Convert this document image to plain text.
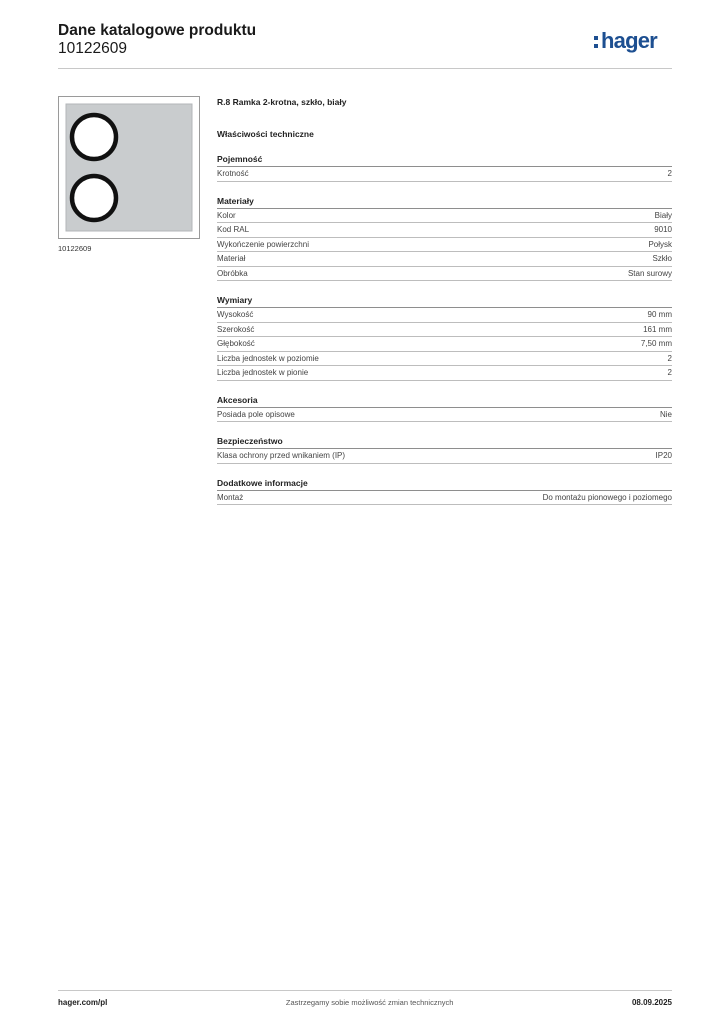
Dane katalogowe produktu
10122609	hager
10122609
R.8 Ramka 2-krotna, szkło, biały
Właściwości techniczne
Pojemność
Krotność	2
Materiały
Kolor	Biały
Kod RAL	9010
Wykończenie powierzchni	Połysk
Materiał	Szkło
Obróbka	Stan surowy
Wymiary
Wysokość	90 mm
Szerokość	161 mm
Głębokość	7,50 mm
Liczba jednostek w poziomie	2
Liczba jednostek w pionie	2
Akcesoria
Posiada pole opisowe	Nie
Bezpieczeństwo
Klasa ochrony przed wnikaniem (IP)	IP20
Dodatkowe informacje
Montaż	Do montażu pionowego i poziomego
hager.com/pl	Zastrzegamy sobie możliwość zmian technicznych	08.09.2025
